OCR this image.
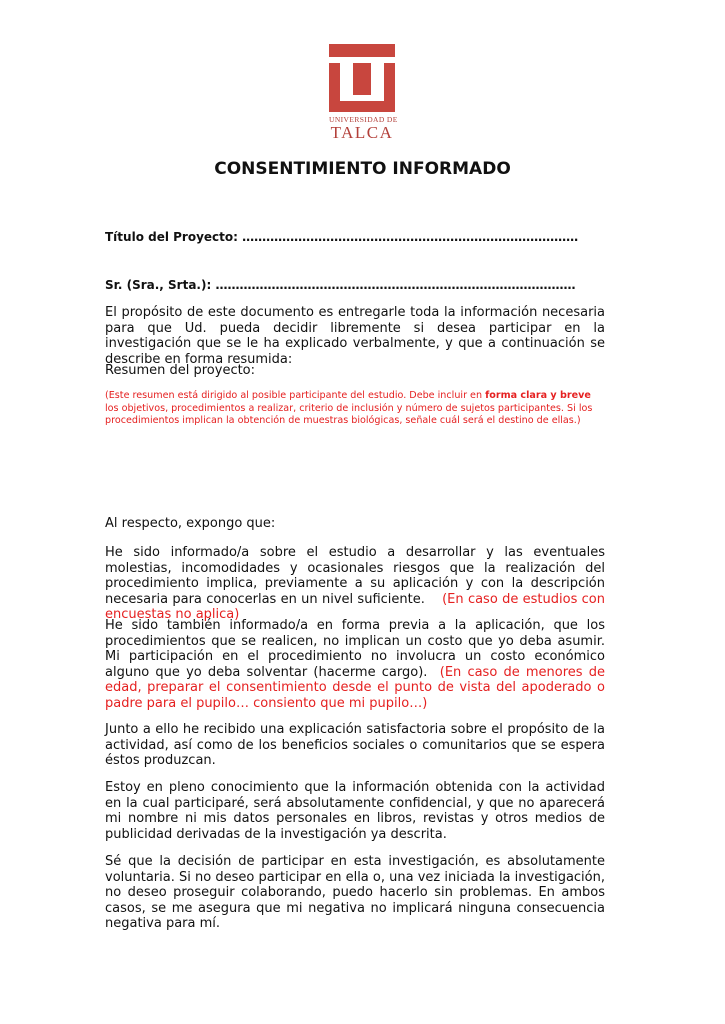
UNIVERSIDAD DE
TALCA
CONSENTIMIENTO INFORMADO

Título del Proyecto: …………………………………………………………………………

Sr. (Sra., Srta.): ………………………………………………………………………………

El propósito de este documento es entregarle toda la información necesaria para que Ud. pueda decidir libremente si desea participar en la investigación que se le ha explicado verbalmente, y que a continuación se describe en forma resumida:

Resumen del proyecto:

(Este resumen está dirigido al posible participante del estudio. Debe incluir en forma clara y breve los objetivos, procedimientos a realizar, criterio de inclusión y número de sujetos participantes. Si los procedimientos implican la obtención de muestras biológicas, señale cuál será el destino de ellas.)

Al respecto, expongo que:

He sido informado/a sobre el estudio a desarrollar y las eventuales molestias, incomodidades y ocasionales riesgos que la realización del procedimiento implica, previamente a su aplicación y con la descripción necesaria para conocerlas en un nivel suficiente. (En caso de estudios con encuestas no aplica)

He sido también informado/a en forma previa a la aplicación, que los procedimientos que se realicen, no implican un costo que yo deba asumir. Mi participación en el procedimiento no involucra un costo económico alguno que yo deba solventar (hacerme cargo). (En caso de menores de edad, preparar el consentimiento desde el punto de vista del apoderado o padre para el pupilo… consiento que mi pupilo…)

Junto a ello he recibido una explicación satisfactoria sobre el propósito de la actividad, así como de los beneficios sociales o comunitarios que se espera éstos produzcan.

Estoy en pleno conocimiento que la información obtenida con la actividad en la cual participaré, será absolutamente confidencial, y que no aparecerá mi nombre ni mis datos personales en libros, revistas y otros medios de publicidad derivadas de la investigación ya descrita.

Sé que la decisión de participar en esta investigación, es absolutamente voluntaria. Si no deseo participar en ella o, una vez iniciada la investigación, no deseo proseguir colaborando, puedo hacerlo sin problemas. En ambos casos, se me asegura que mi negativa no implicará ninguna consecuencia negativa para mí.
